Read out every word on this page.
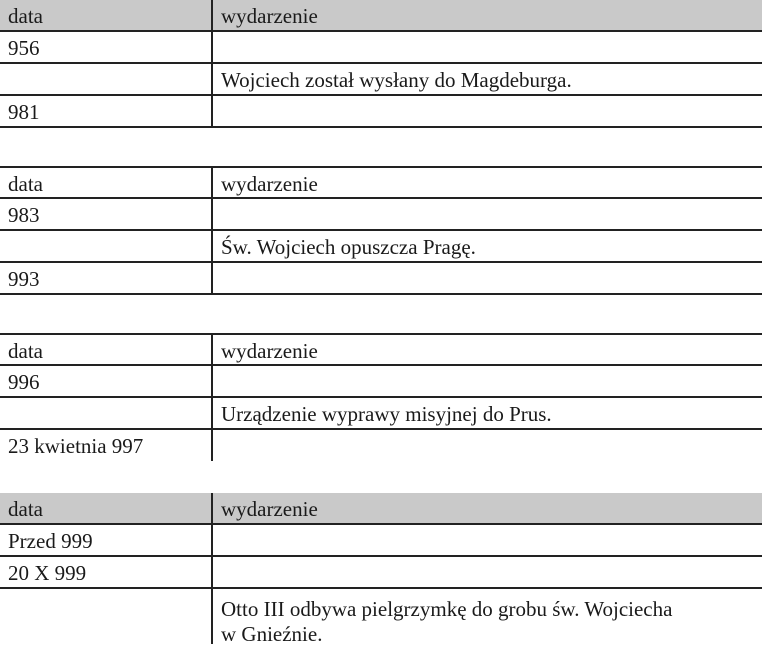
data	wydarzenie

956	

	Wojciech został wysłany do Magdeburga.

981	

data	wydarzenie

983	

	Św. Wojciech opuszcza Pragę.

993	

data	wydarzenie

996	

	Urządzenie wyprawy misyjnej do Prus.

23 kwietnia 997	

data	wydarzenie

Przed 999	

20 X 999	

	Otto III odbywa pielgrzymkę do grobu św. Wojciecha
w Gnieźnie.
